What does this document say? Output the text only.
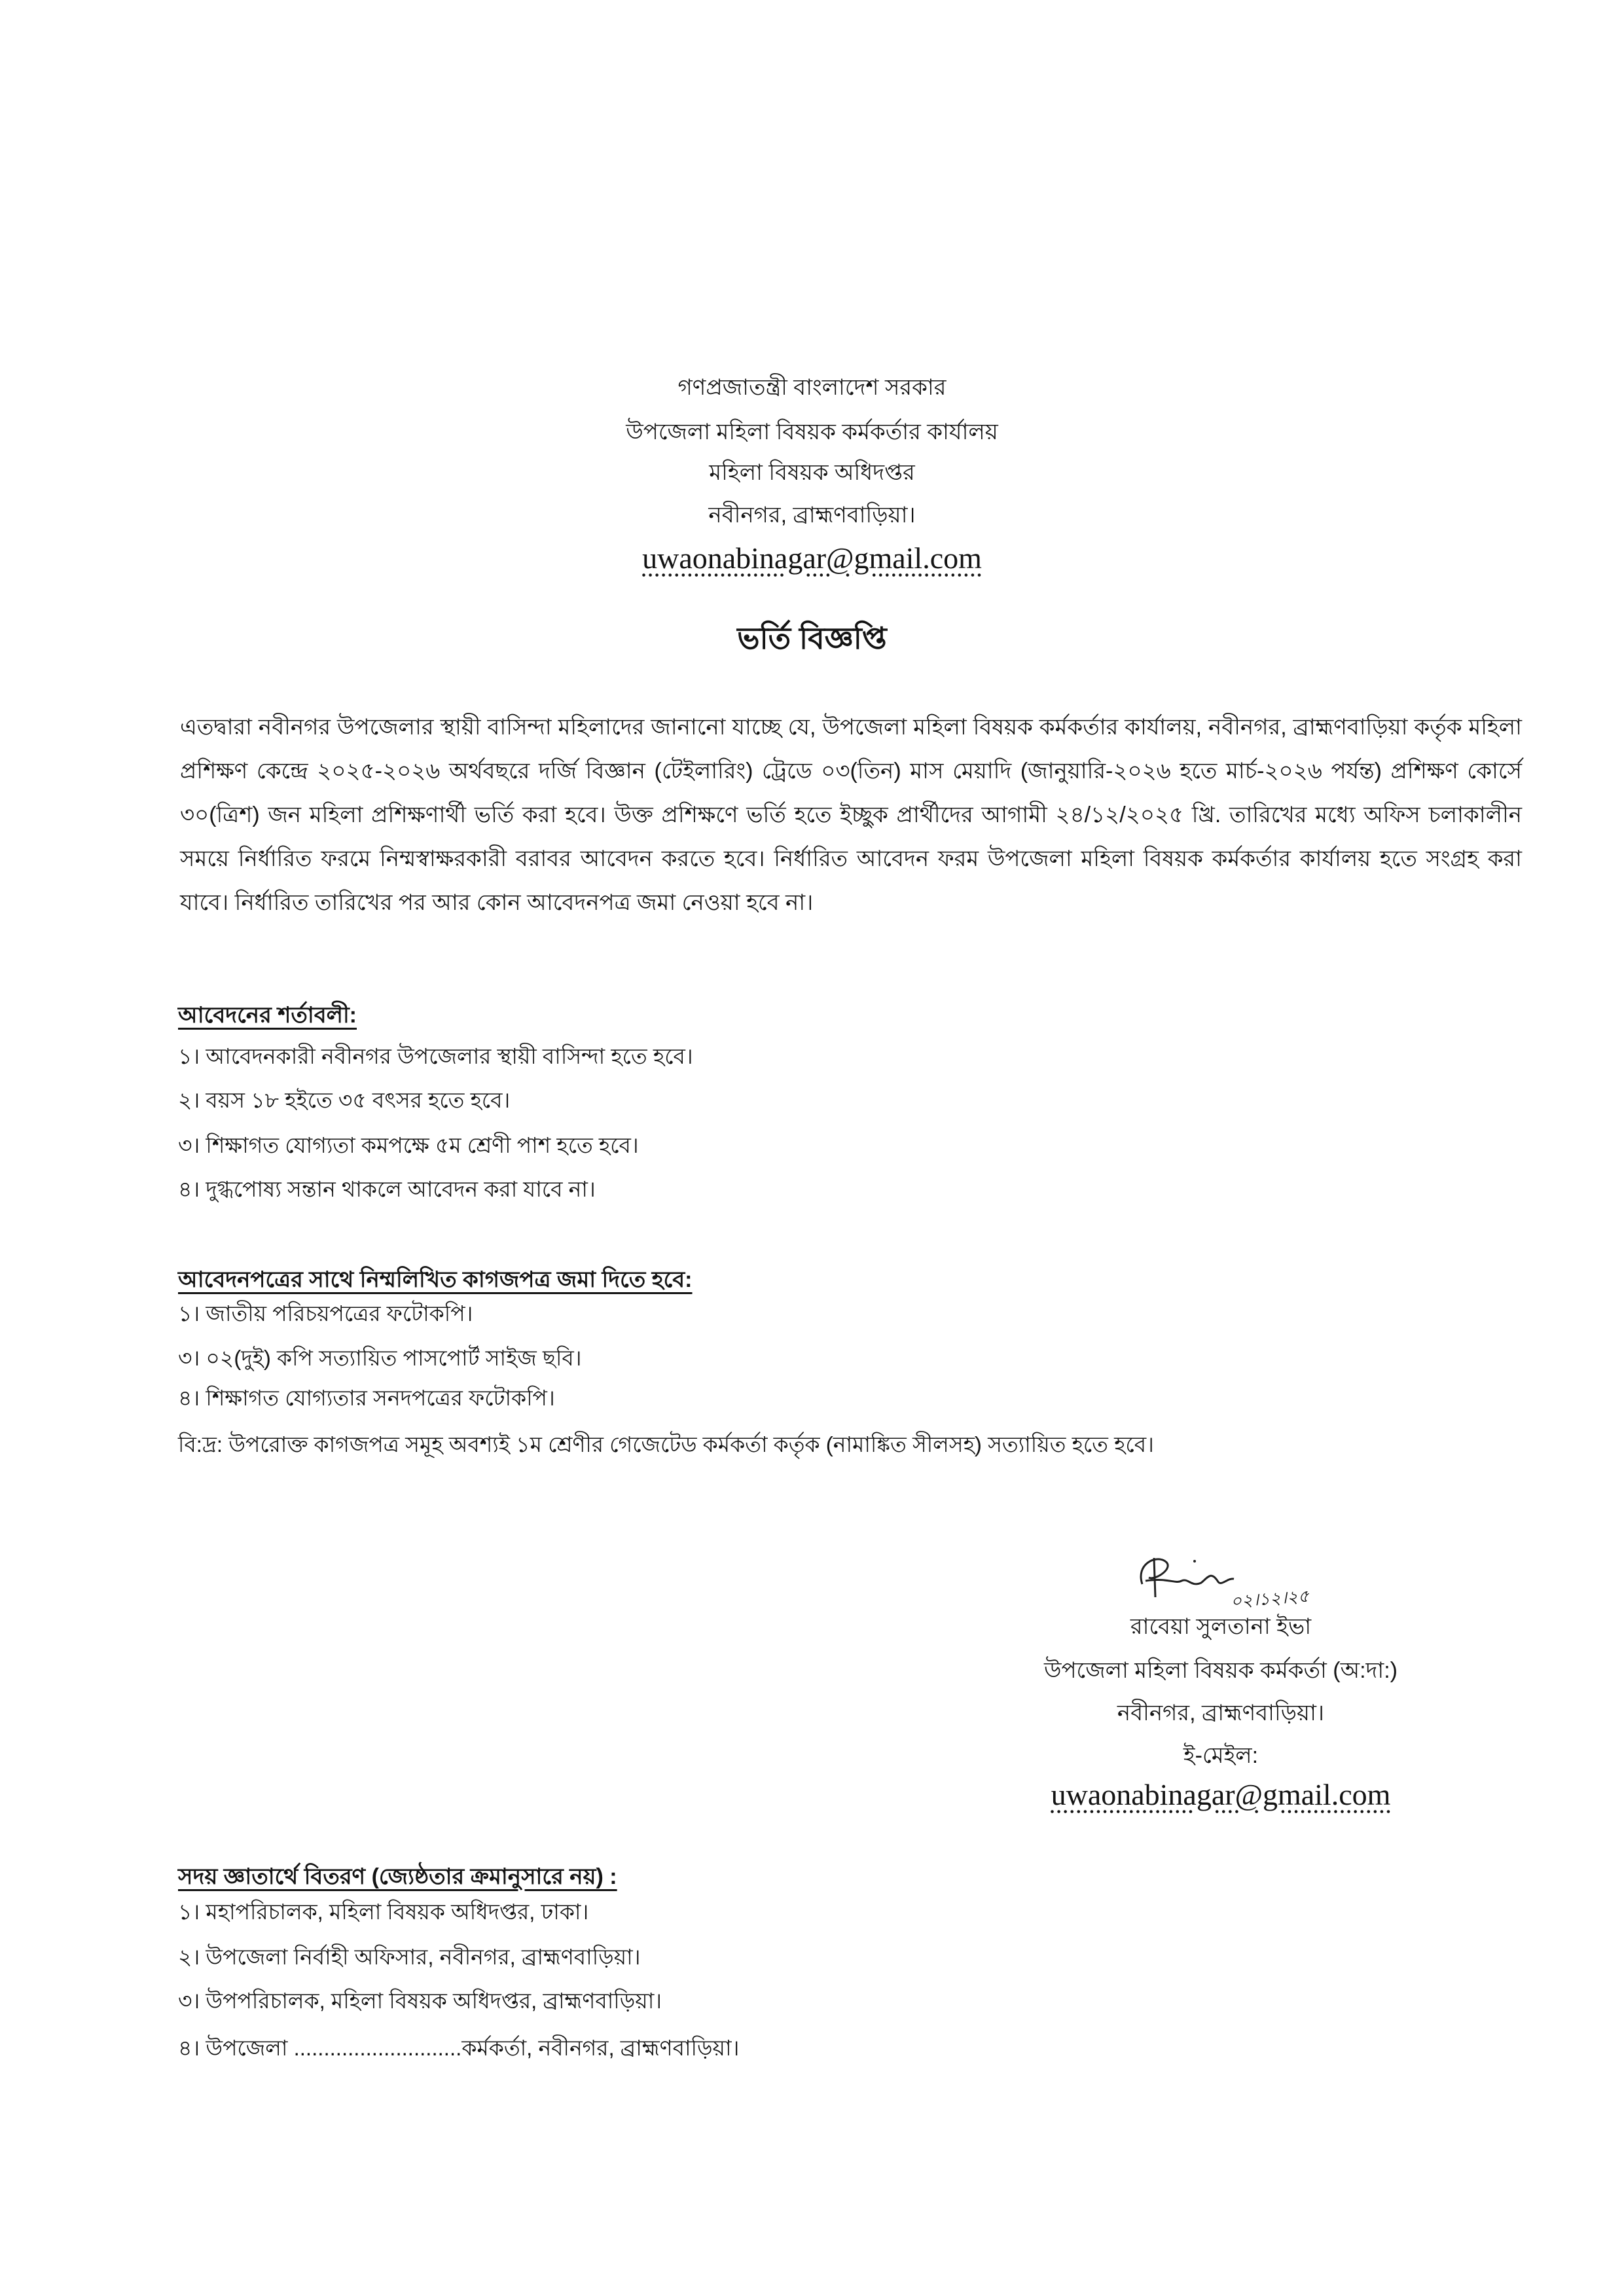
গণপ্রজাতন্ত্রী বাংলাদেশ সরকার
উপজেলা মহিলা বিষয়ক কর্মকর্তার কার্যালয়
মহিলা বিষয়ক অধিদপ্তর
নবীনগর, ব্রাহ্মণবাড়িয়া।
uwaonabinagar@gmail.com
ভর্তি বিজ্ঞপ্তি
এতদ্বারা নবীনগর উপজেলার স্থায়ী বাসিন্দা মহিলাদের জানানো যাচ্ছে যে, উপজেলা মহিলা বিষয়ক কর্মকর্তার কার্যালয়, নবীনগর, ব্রাহ্মণবাড়িয়া কর্তৃক মহিলা প্রশিক্ষণ কেন্দ্রে ২০২৫-২০২৬ অর্থবছরে দর্জি বিজ্ঞান (টেইলারিং) ট্রেডে ০৩(তিন) মাস মেয়াদি (জানুয়ারি-২০২৬ হতে মার্চ-২০২৬ পর্যন্ত) প্রশিক্ষণ কোর্সে ৩০(ত্রিশ) জন মহিলা প্রশিক্ষণার্থী ভর্তি করা হবে। উক্ত প্রশিক্ষণে ভর্তি হতে ইচ্ছুক প্রার্থীদের আগামী ২৪/১২/২০২৫ খ্রি. তারিখের মধ্যে অফিস চলাকালীন সময়ে নির্ধারিত ফরমে নিম্মস্বাক্ষরকারী বরাবর আবেদন করতে হবে। নির্ধারিত আবেদন ফরম উপজেলা মহিলা বিষয়ক কর্মকর্তার কার্যালয় হতে সংগ্রহ করা যাবে। নির্ধারিত তারিখের পর আর কোন আবেদনপত্র জমা নেওয়া হবে না।
আবেদনের শর্তাবলী:
১। আবেদনকারী নবীনগর উপজেলার স্থায়ী বাসিন্দা হতে হবে।
২। বয়স ১৮ হইতে ৩৫ বৎসর হতে হবে।
৩। শিক্ষাগত যোগ্যতা কমপক্ষে ৫ম শ্রেণী পাশ হতে হবে।
৪। দুগ্ধপোষ্য সন্তান থাকলে আবেদন করা যাবে না।
আবেদনপত্রের সাথে নিম্মলিখিত কাগজপত্র জমা দিতে হবে:
১। জাতীয় পরিচয়পত্রের ফটোকপি।
৩। ০২(দুই) কপি সত্যায়িত পাসপোর্ট সাইজ ছবি।
৪। শিক্ষাগত যোগ্যতার সনদপত্রের ফটোকপি।
বি:দ্র: উপরোক্ত কাগজপত্র সমূহ অবশ্যই ১ম শ্রেণীর গেজেটেড কর্মকর্তা কর্তৃক (নামাঙ্কিত সীলসহ) সত্যায়িত হতে হবে।
০২।১২।২৫
রাবেয়া সুলতানা ইভা
উপজেলা মহিলা বিষয়ক কর্মকর্তা (অ:দা:)
নবীনগর, ব্রাহ্মণবাড়িয়া।
ই-মেইল:
uwaonabinagar@gmail.com
সদয় জ্ঞাতার্থে বিতরণ (জ্যেষ্ঠতার ক্রমানুসারে নয়) :
১। মহাপরিচালক, মহিলা বিষয়ক অধিদপ্তর, ঢাকা।
২। উপজেলা নির্বাহী অফিসার, নবীনগর, ব্রাহ্মণবাড়িয়া।
৩। উপপরিচালক, মহিলা বিষয়ক অধিদপ্তর, ব্রাহ্মণবাড়িয়া।
৪। উপজেলা ............................কর্মকর্তা, নবীনগর, ব্রাহ্মণবাড়িয়া।
